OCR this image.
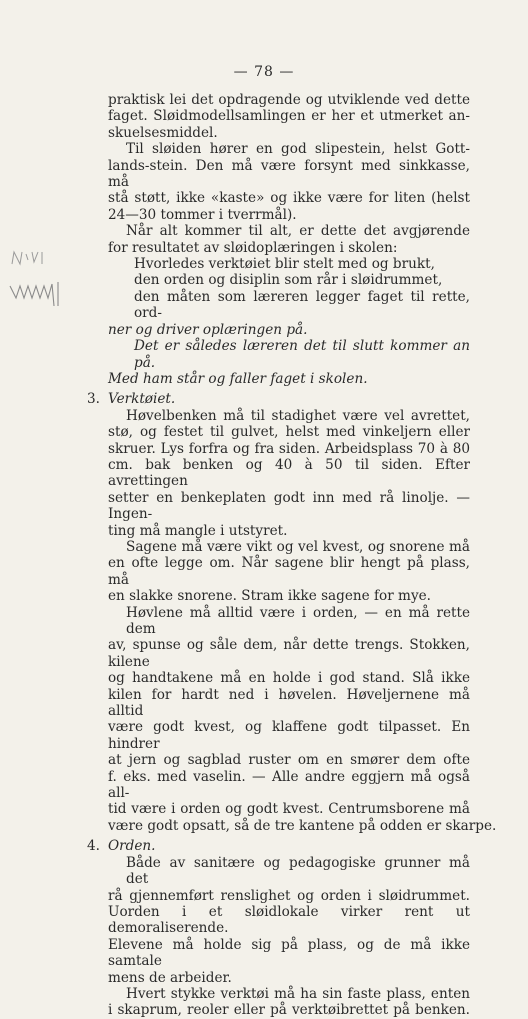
— 78 —
praktisk lei det opdragende og utviklende ved dette
faget. Sløidmodellsamlingen er her et utmerket an-
skuelsesmiddel.
Til sløiden hører en god slipestein, helst Gott-
lands-stein. Den må være forsynt med sinkkasse, må
stå støtt, ikke «kaste» og ikke være for liten (helst
24—30 tommer i tverrmål).
Når alt kommer til alt, er dette det avgjørende
for resultatet av sløidoplæringen i skolen:
Hvorledes verktøiet blir stelt med og brukt,
den orden og disiplin som rår i sløidrummet,
den måten som læreren legger faget til rette, ord-
ner og driver oplæringen på.
Det er således læreren det til slutt kommer an på.
Med ham står og faller faget i skolen.
3. Verktøiet.
Høvelbenken må til stadighet være vel avrettet,
stø, og festet til gulvet, helst med vinkeljern eller
skruer. Lys forfra og fra siden. Arbeidsplass 70 à 80
cm. bak benken og 40 à 50 til siden. Efter avrettingen
setter en benkeplaten godt inn med rå linolje. — Ingen-
ting må mangle i utstyret.
Sagene må være vikt og vel kvest, og snorene må
en ofte legge om. Når sagene blir hengt på plass, må
en slakke snorene. Stram ikke sagene for mye.
Høvlene må alltid være i orden, — en må rette dem
av, spunse og såle dem, når dette trengs. Stokken, kilene
og handtakene må en holde i god stand. Slå ikke
kilen for hardt ned i høvelen. Høveljernene må alltid
være godt kvest, og klaffene godt tilpasset. En hindrer
at jern og sagblad ruster om en smører dem ofte
f. eks. med vaselin. — Alle andre eggjern må også all-
tid være i orden og godt kvest. Centrumsborene må
være godt opsatt, så de tre kantene på odden er skarpe.
4. Orden.
Både av sanitære og pedagogiske grunner må det
rå gjennemført renslighet og orden i sløidrummet.
Uorden i et sløidlokale virker rent ut demoraliserende.
Elevene må holde sig på plass, og de må ikke samtale
mens de arbeider.
Hvert stykke verktøi må ha sin faste plass, enten
i skaprum, reoler eller på verktøibrettet på benken.
